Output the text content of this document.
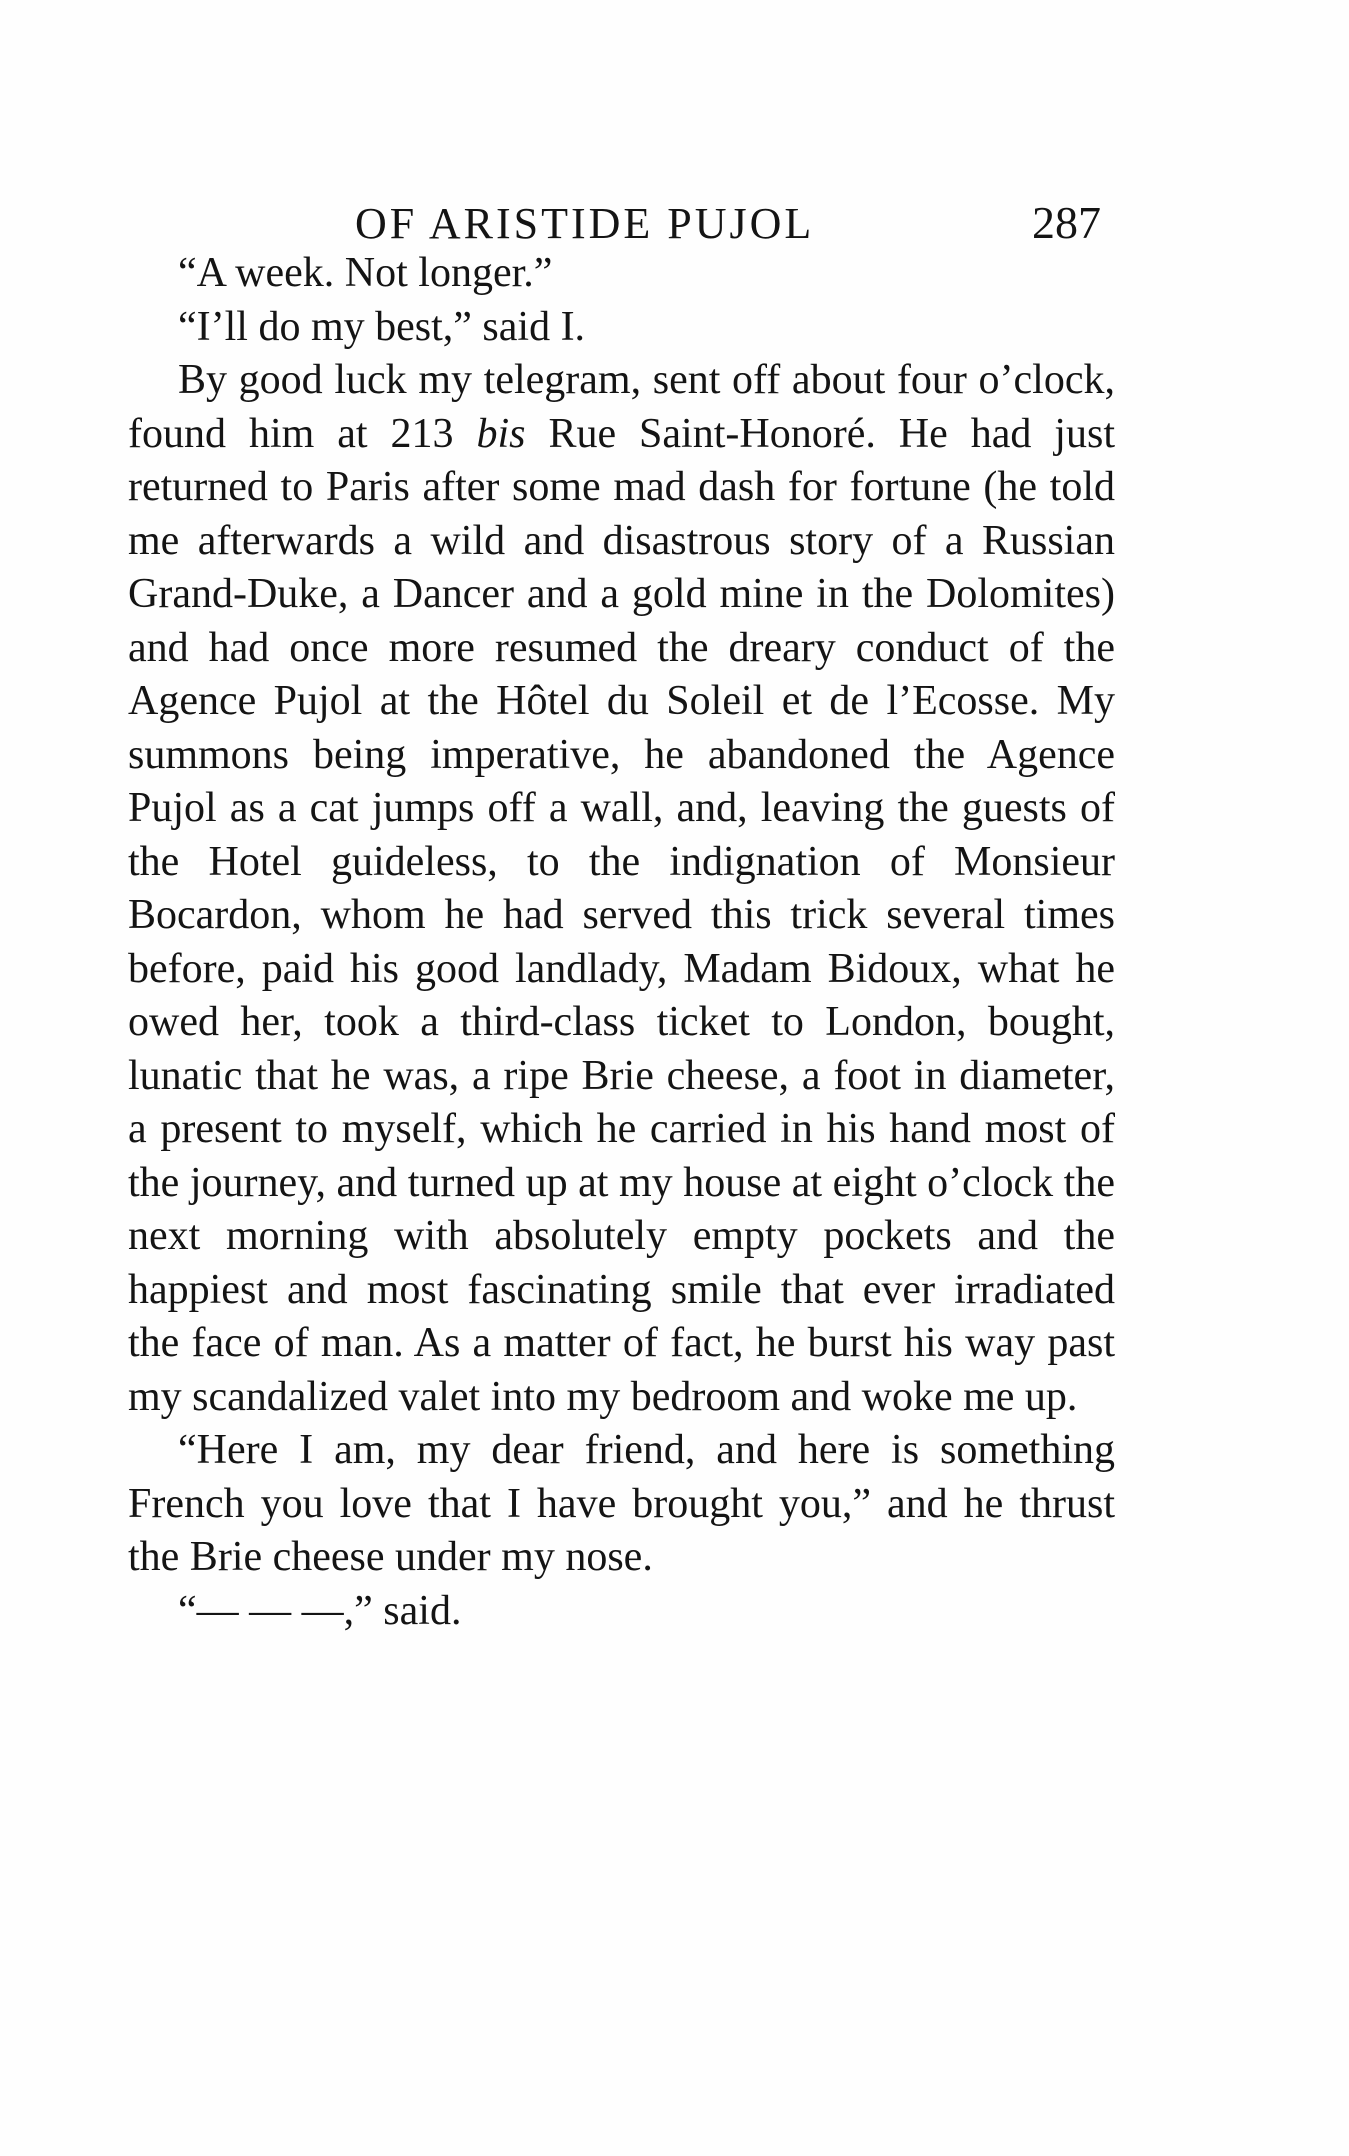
OF ARISTIDE PUJOL	287

“A week. Not longer.”

“I’ll do my best,” said I.

By good luck my telegram, sent off about four o’clock, found him at 213 bis Rue Saint-Honoré. He had just returned to Paris after some mad dash for fortune (he told me afterwards a wild and disastrous story of a Russian Grand-Duke, a Dancer and a gold mine in the Dolomites) and had once more resumed the dreary conduct of the Agence Pujol at the Hôtel du Soleil et de l’Ecosse. My summons being imperative, he abandoned the Agence Pujol as a cat jumps off a wall, and, leaving the guests of the Hotel guideless, to the indignation of Monsieur Bocardon, whom he had served this trick several times before, paid his good landlady, Madam Bidoux, what he owed her, took a third-class ticket to London, bought, lunatic that he was, a ripe Brie cheese, a foot in diameter, a present to myself, which he carried in his hand most of the journey, and turned up at my house at eight o’clock the next morning with absolutely empty pockets and the happiest and most fascinating smile that ever irradiated the face of man. As a matter of fact, he burst his way past my scandalized valet into my bedroom and woke me up.

“Here I am, my dear friend, and here is something French you love that I have brought you,” and he thrust the Brie cheese under my nose.

“— — —,” said.
